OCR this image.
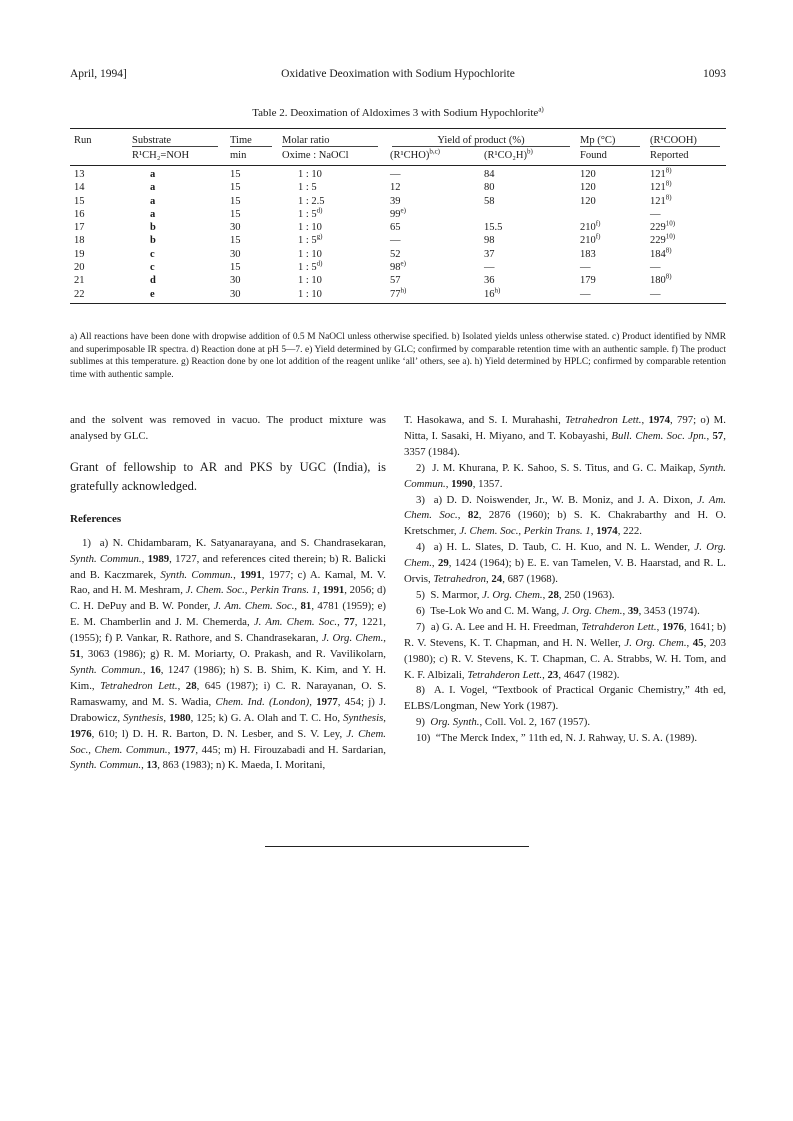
April, 1994]	Oxidative Deoximation with Sodium Hypochlorite	1093
Table 2. Deoximation of Aldoximes 3 with Sodium Hypochlorite$^{a)}$
Run	Substrate	Time	Molar ratio	Yield of product (%)		Mp (°C)	(R¹COOH)
	R¹CH₂=NOH	min	Oxime : NaOCl	$(R^1CHO)^{b,c)}$	$(R^1CO_2H)^{b)}$	Found	Reported
13	a	15	1 : 10	—	84	120	121$^{8)}$
14	a	15	1 : 5	12	80	120	121$^{8)}$
15	a	15	1 : 2.5	39	58	120	121$^{8)}$
16	a	15	1 : 5$^{d)}$	99$^{e)}$			—
17	b	30	1 : 10	65	15.5	210$^{f)}$	229$^{10)}$
18	b	15	1 : 5$^{g)}$	—	98	210$^{f)}$	229$^{10)}$
19	c	30	1 : 10	52	37	183	184$^{8)}$
20	c	15	1 : 5$^{d)}$	98$^{e)}$	—	—	—
21	d	30	1 : 10	57	36	179	180$^{8)}$
22	e	30	1 : 10	77$^{h)}$	16$^{h)}$	—	—
a) All reactions have been done with dropwise addition of 0.5 M NaOCl unless otherwise specified. b) Isolated yields unless otherwise stated. c) Product identified by NMR and superimposable IR spectra. d) Reaction done at pH 5—7. e) Yield determined by GLC; confirmed by comparable retention time with an authentic sample. f) The product sublimes at this temperature. g) Reaction done by one lot addition of the reagent unlike ‘all’ others, see a). h) Yield determined by HPLC; confirmed by comparable retention time with authentic sample.

and the solvent was removed in vacuo. The product mixture was analysed by GLC.

Grant of fellowship to AR and PKS by UGC (India), is gratefully acknowledged.

References

1)  a) N. Chidambaram, K. Satyanarayana, and S. Chandrasekaran, Synth. Commun., 1989, 1727, and references cited therein; b) R. Balicki and B. Kaczmarek, Synth. Commun., 1991, 1977; c) A. Kamal, M. V. Rao, and H. M. Meshram, J. Chem. Soc., Perkin Trans. 1, 1991, 2056; d) C. H. DePuy and B. W. Ponder, J. Am. Chem. Soc., 81, 4781 (1959); e) E. M. Chamberlin and J. M. Chemerda, J. Am. Chem. Soc., 77, 1221, (1955); f) P. Vankar, R. Rathore, and S. Chandrasekaran, J. Org. Chem., 51, 3063 (1986); g) R. M. Moriarty, O. Prakash, and R. Vavilikolarn, Synth. Commun., 16, 1247 (1986); h) S. B. Shim, K. Kim, and Y. H. Kim., Tetrahedron Lett., 28, 645 (1987); i) C. R. Narayanan, O. S. Ramaswamy, and M. S. Wadia, Chem. Ind. (London), 1977, 454; j) J. Drabowicz, Synthesis, 1980, 125; k) G. A. Olah and T. C. Ho, Synthesis, 1976, 610; l) D. H. R. Barton, D. N. Lesber, and S. V. Ley, J. Chem. Soc., Chem. Commun., 1977, 445; m) H. Firouzabadi and H. Sardarian, Synth. Commun., 13, 863 (1983); n) K. Maeda, I. Moritani,

T. Hasokawa, and S. I. Murahashi, Tetrahedron Lett., 1974, 797; o) M. Nitta, I. Sasaki, H. Miyano, and T. Kobayashi, Bull. Chem. Soc. Jpn., 57, 3357 (1984).

2)  J. M. Khurana, P. K. Sahoo, S. S. Titus, and G. C. Maikap, Synth. Commun., 1990, 1357.

3)  a) D. D. Noiswender, Jr., W. B. Moniz, and J. A. Dixon, J. Am. Chem. Soc., 82, 2876 (1960); b) S. K. Chakrabarthy and H. O. Kretschmer, J. Chem. Soc., Perkin Trans. 1, 1974, 222.

4)  a) H. L. Slates, D. Taub, C. H. Kuo, and N. L. Wender, J. Org. Chem., 29, 1424 (1964); b) E. E. van Tamelen, V. B. Haarstad, and R. L. Orvis, Tetrahedron, 24, 687 (1968).

5)  S. Marmor, J. Org. Chem., 28, 250 (1963).

6)  Tse-Lok Wo and C. M. Wang, J. Org. Chem., 39, 3453 (1974).

7)  a) G. A. Lee and H. H. Freedman, Tetrahderon Lett., 1976, 1641; b) R. V. Stevens, K. T. Chapman, and H. N. Weller, J. Org. Chem., 45, 203 (1980); c) R. V. Stevens, K. T. Chapman, C. A. Strabbs, W. H. Tom, and K. F. Albizali, Tetrahderon Lett., 23, 4647 (1982).

8)  A. I. Vogel, “Textbook of Practical Organic Chemistry,” 4th ed, ELBS/Longman, New York (1987).

9)  Org. Synth., Coll. Vol. 2, 167 (1957).

10)  “The Merck Index, ” 11th ed, N. J. Rahway, U. S. A. (1989).
